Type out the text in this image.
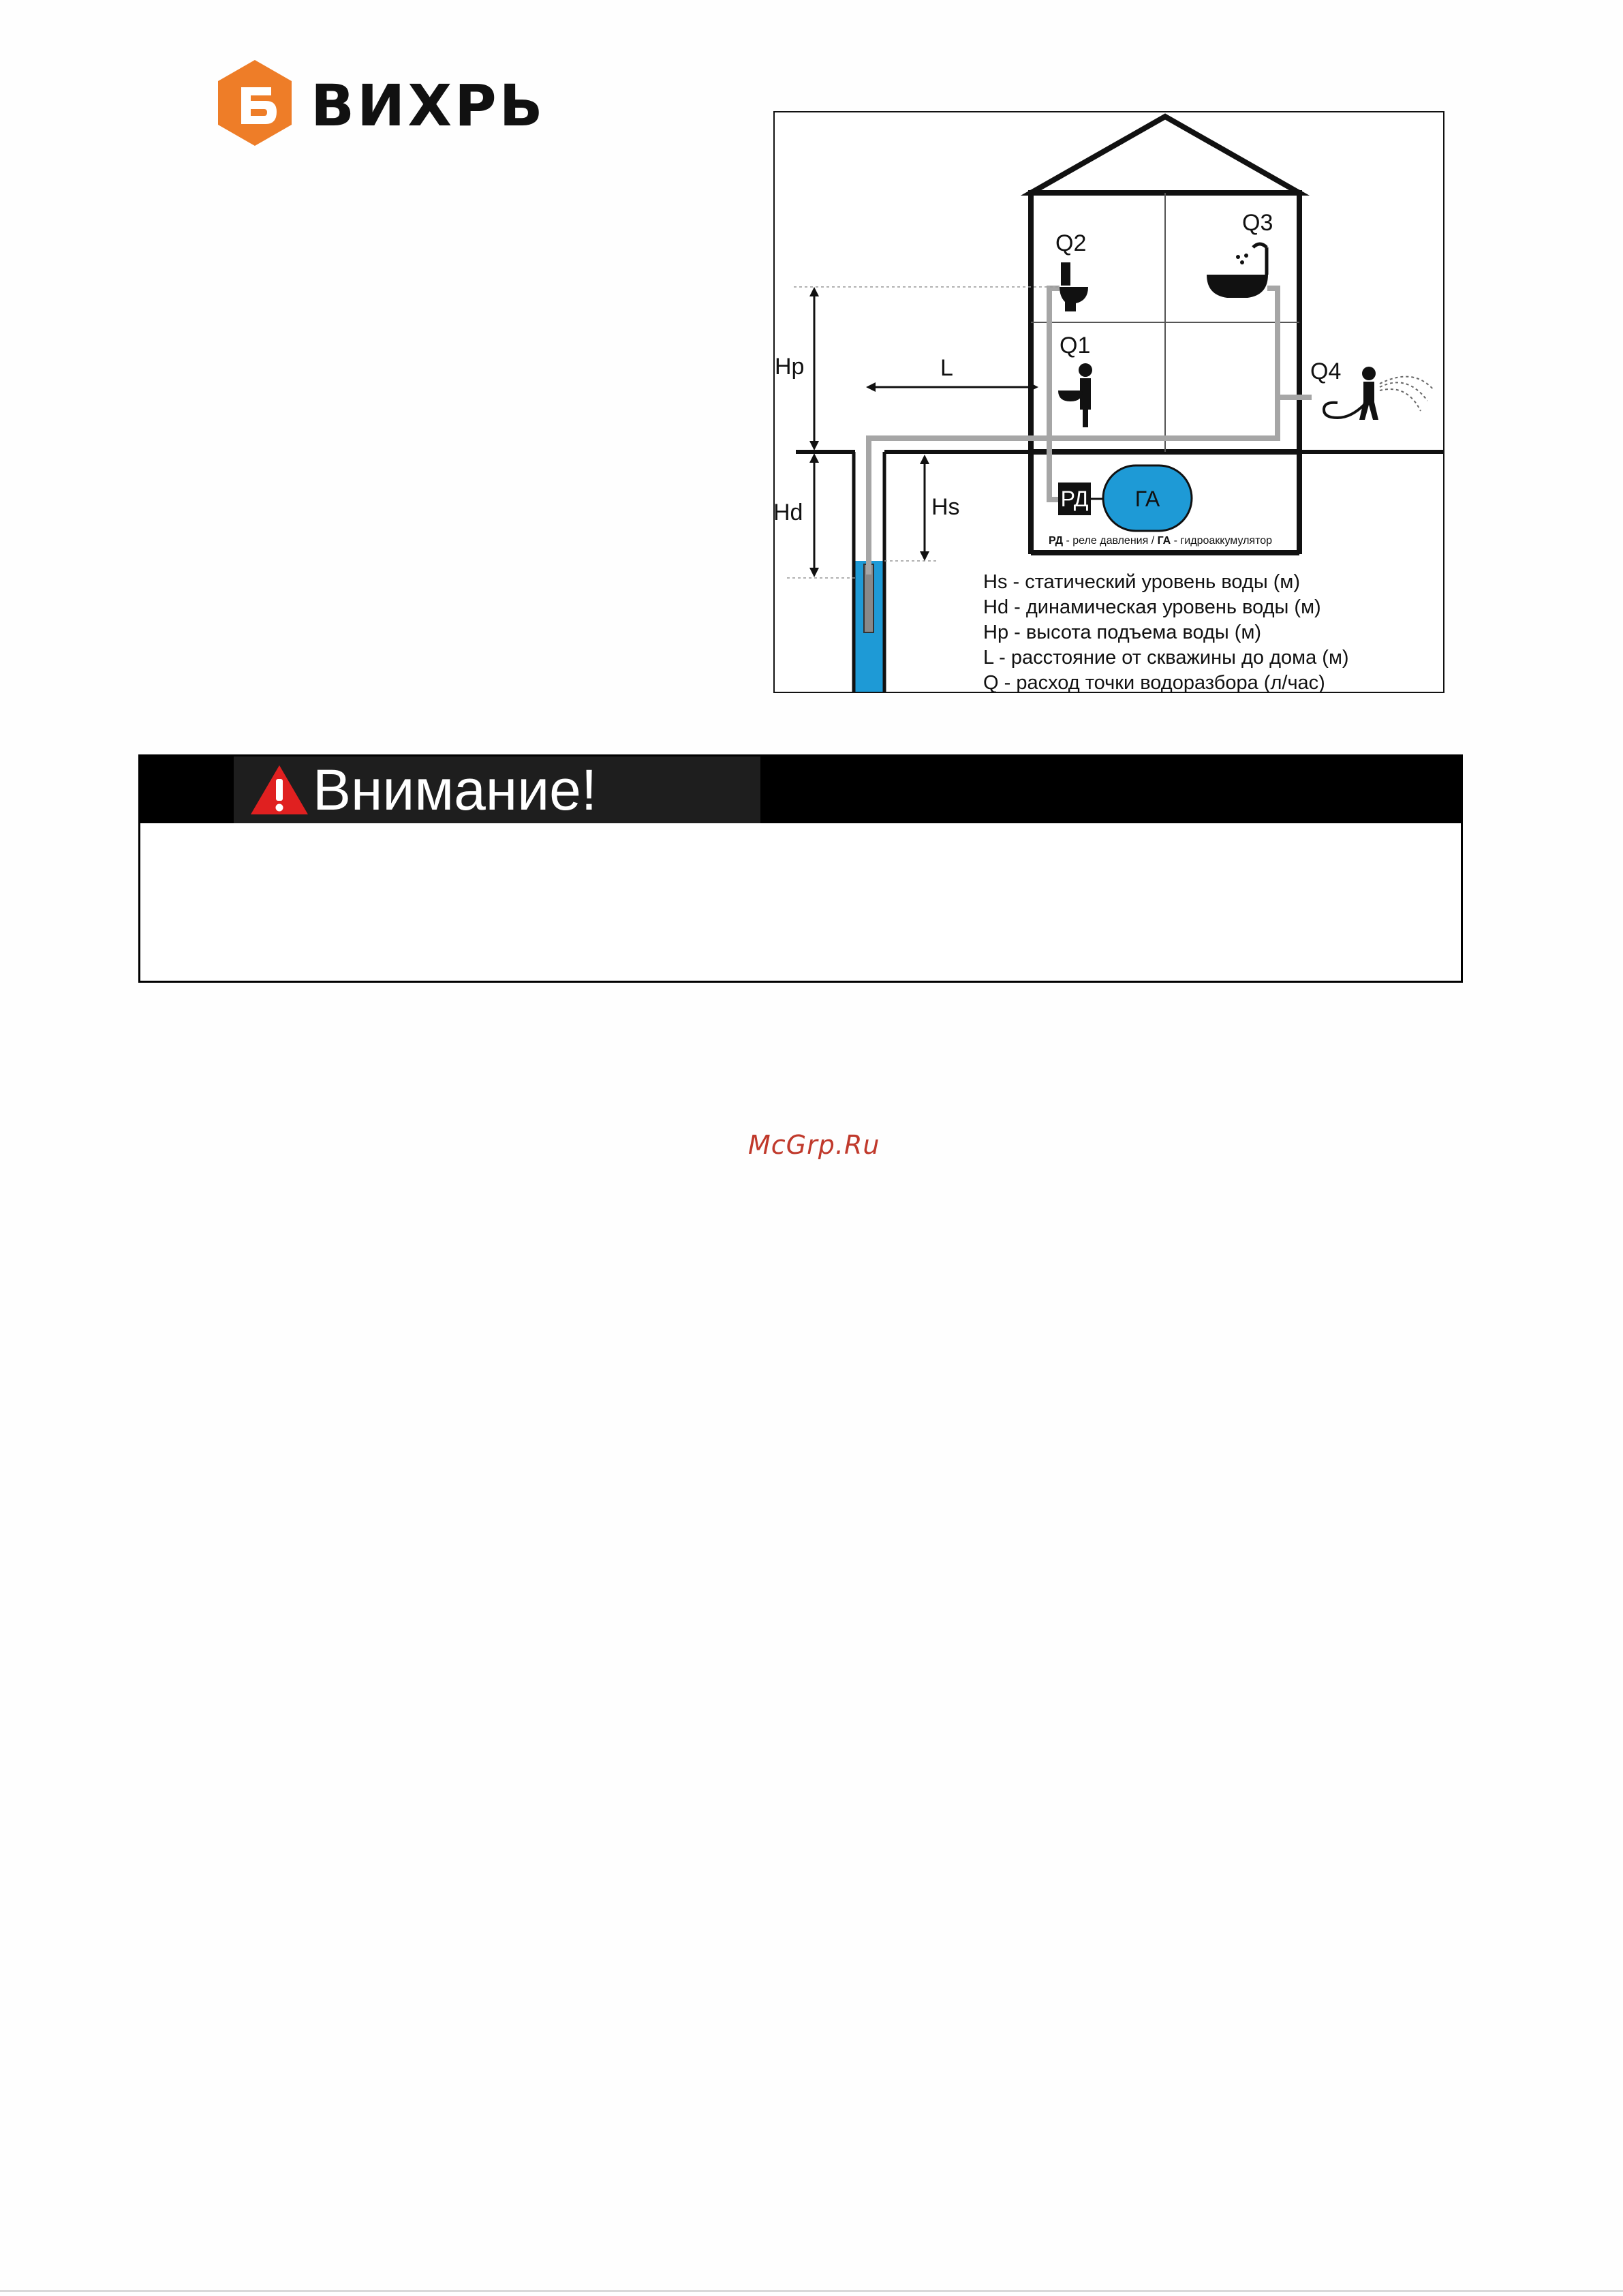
ВИХРЬ
РД ГА
РД - реле давления / ГА - гидроаккумулятор
Q2
Q3
Q1
Q4
Hp
Hd
L
Hs
Hs - статический уровень воды (м)
Hd - динамическая уровень воды (м)
Hp - высота подъема воды (м)
L - расстояние от скважины до дома (м)
Q - расход точки водоразбора (л/час)
Внимание!
McGrp.Ru
